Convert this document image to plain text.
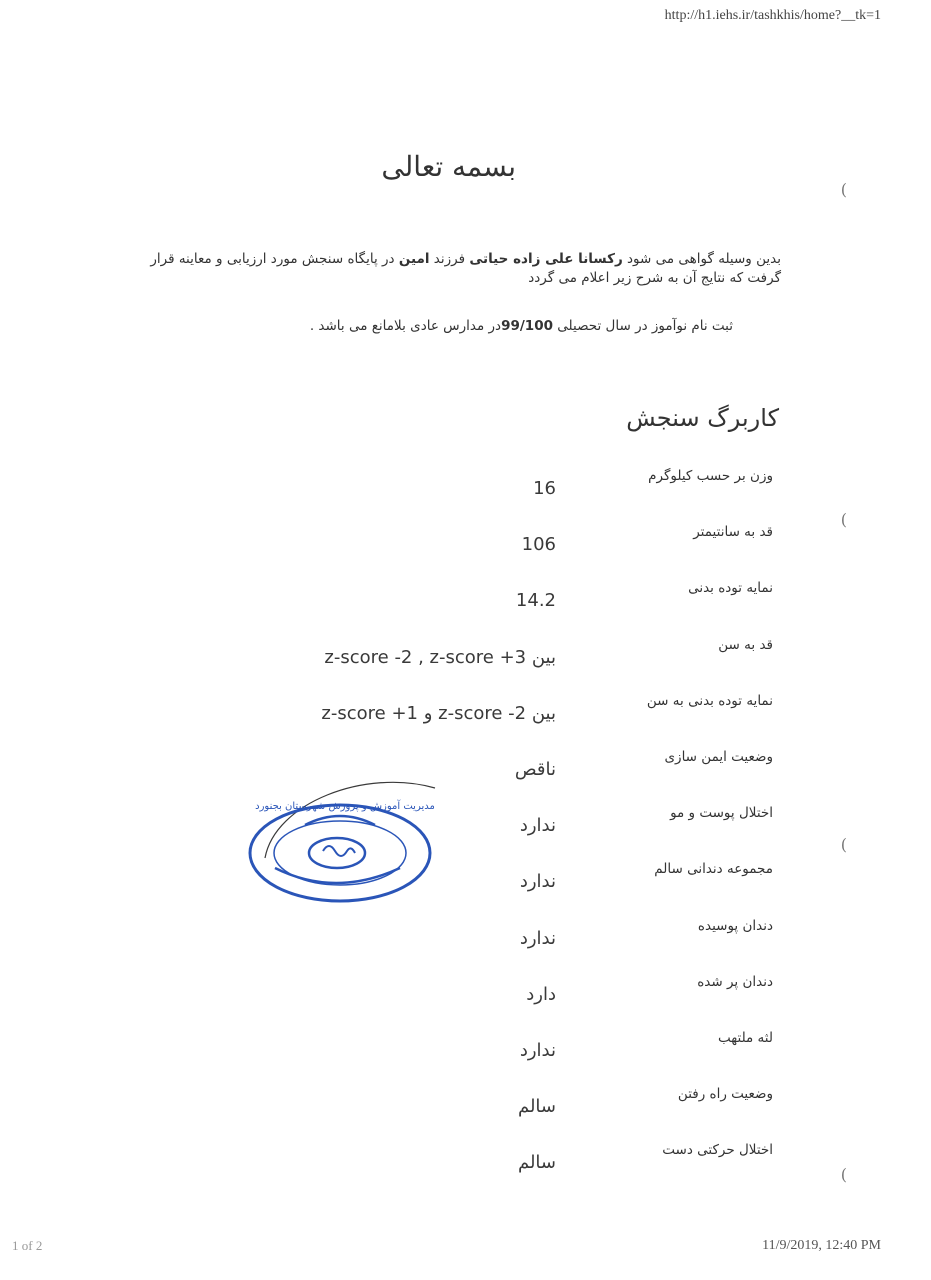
http://h1.iehs.ir/tashkhis/home?__tk=1
بسمه تعالی
بدین وسیله گواهی می شود رکسانا علی زاده حیاتی فرزند امین در پایگاه سنجش مورد ارزیابی و معاینه قرار گرفت که نتایج آن به شرح زیر اعلام می گردد
ثبت نام نوآموز در سال تحصیلی 99/100در مدارس عادی بلامانع می باشد .
کاربرگ سنجش
وزن بر حسب کیلوگرم
16
قد به سانتیمتر
106
نمایه توده بدنی
14.2
قد به سن
بین z-score -2 , z-score +3
نمایه توده بدنی به سن
بین z-score -2 و z-score +1
وضعیت ایمن سازی
ناقص
اختلال پوست و مو
ندارد
مجموعه دندانی سالم
ندارد
دندان پوسیده
ندارد
دندان پر شده
دارد
لثه ملتهب
ندارد
وضعیت راه رفتن
سالم
اختلال حرکتی دست
سالم
(
(
(
(
مدیریت آموزش و پرورش شهرستان بجنورد
1 of 2	11/9/2019, 12:40 PM
